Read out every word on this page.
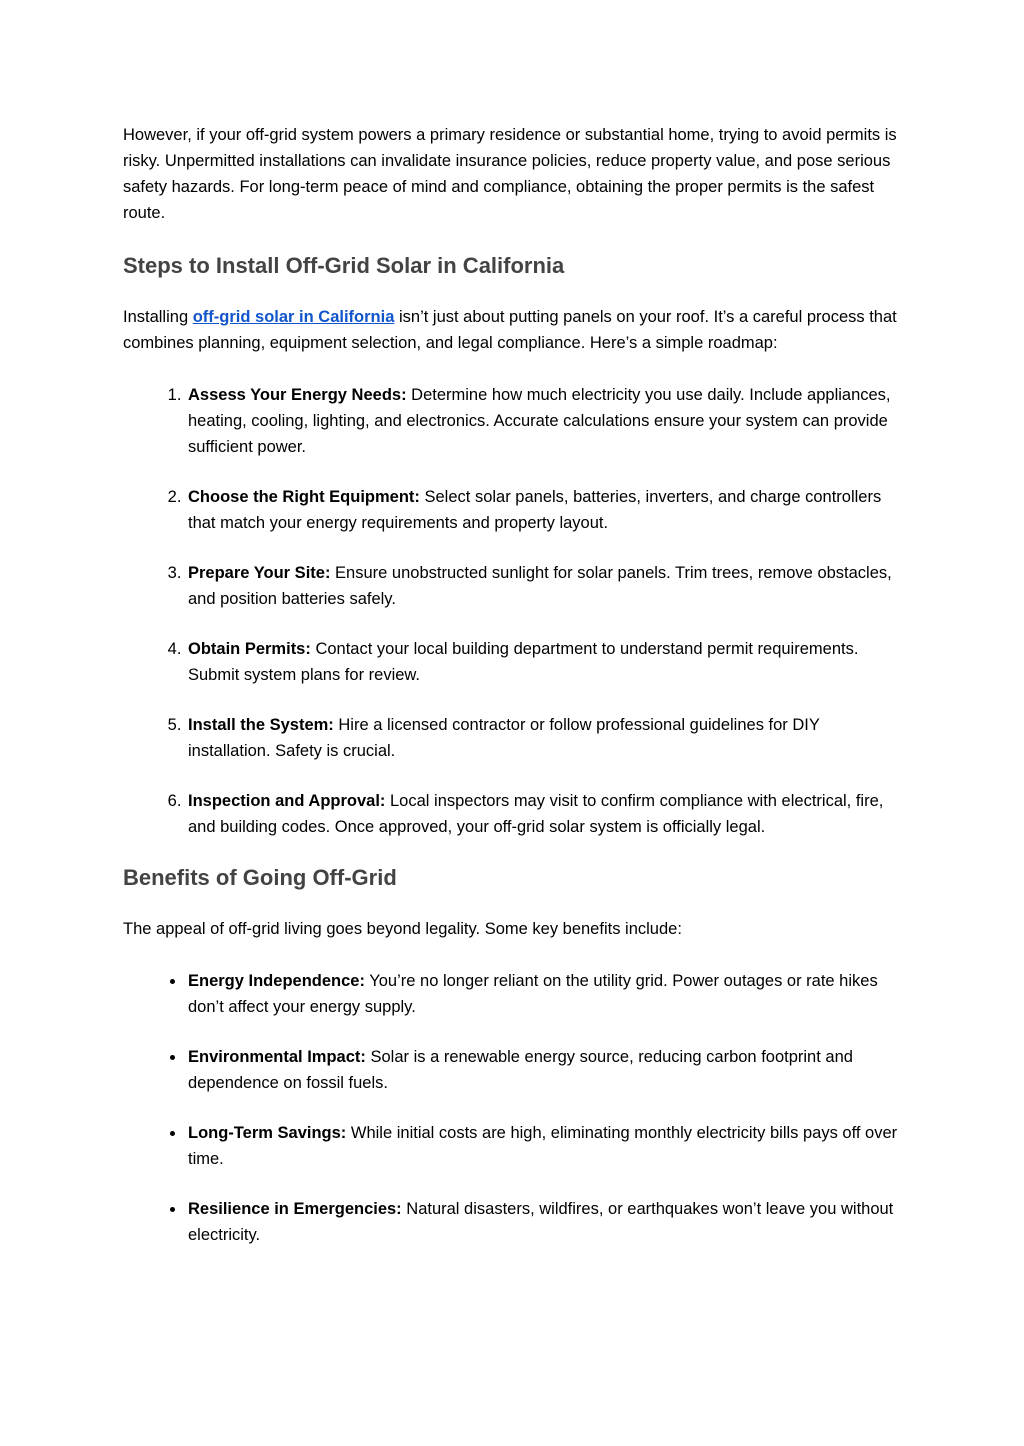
However, if your off-grid system powers a primary residence or substantial home, trying to avoid permits is risky. Unpermitted installations can invalidate insurance policies, reduce property value, and pose serious safety hazards. For long-term peace of mind and compliance, obtaining the proper permits is the safest route.

Steps to Install Off-Grid Solar in California

Installing off-grid solar in California isn’t just about putting panels on your roof. It’s a careful process that combines planning, equipment selection, and legal compliance. Here’s a simple roadmap:

1. Assess Your Energy Needs: Determine how much electricity you use daily. Include appliances, heating, cooling, lighting, and electronics. Accurate calculations ensure your system can provide sufficient power.
2. Choose the Right Equipment: Select solar panels, batteries, inverters, and charge controllers that match your energy requirements and property layout.
3. Prepare Your Site: Ensure unobstructed sunlight for solar panels. Trim trees, remove obstacles, and position batteries safely.
4. Obtain Permits: Contact your local building department to understand permit requirements. Submit system plans for review.
5. Install the System: Hire a licensed contractor or follow professional guidelines for DIY installation. Safety is crucial.
6. Inspection and Approval: Local inspectors may visit to confirm compliance with electrical, fire, and building codes. Once approved, your off-grid solar system is officially legal.
Benefits of Going Off-Grid

The appeal of off-grid living goes beyond legality. Some key benefits include:

• Energy Independence: You’re no longer reliant on the utility grid. Power outages or rate hikes don’t affect your energy supply.
• Environmental Impact: Solar is a renewable energy source, reducing carbon footprint and dependence on fossil fuels.
• Long-Term Savings: While initial costs are high, eliminating monthly electricity bills pays off over time.
• Resilience in Emergencies: Natural disasters, wildfires, or earthquakes won’t leave you without electricity.
